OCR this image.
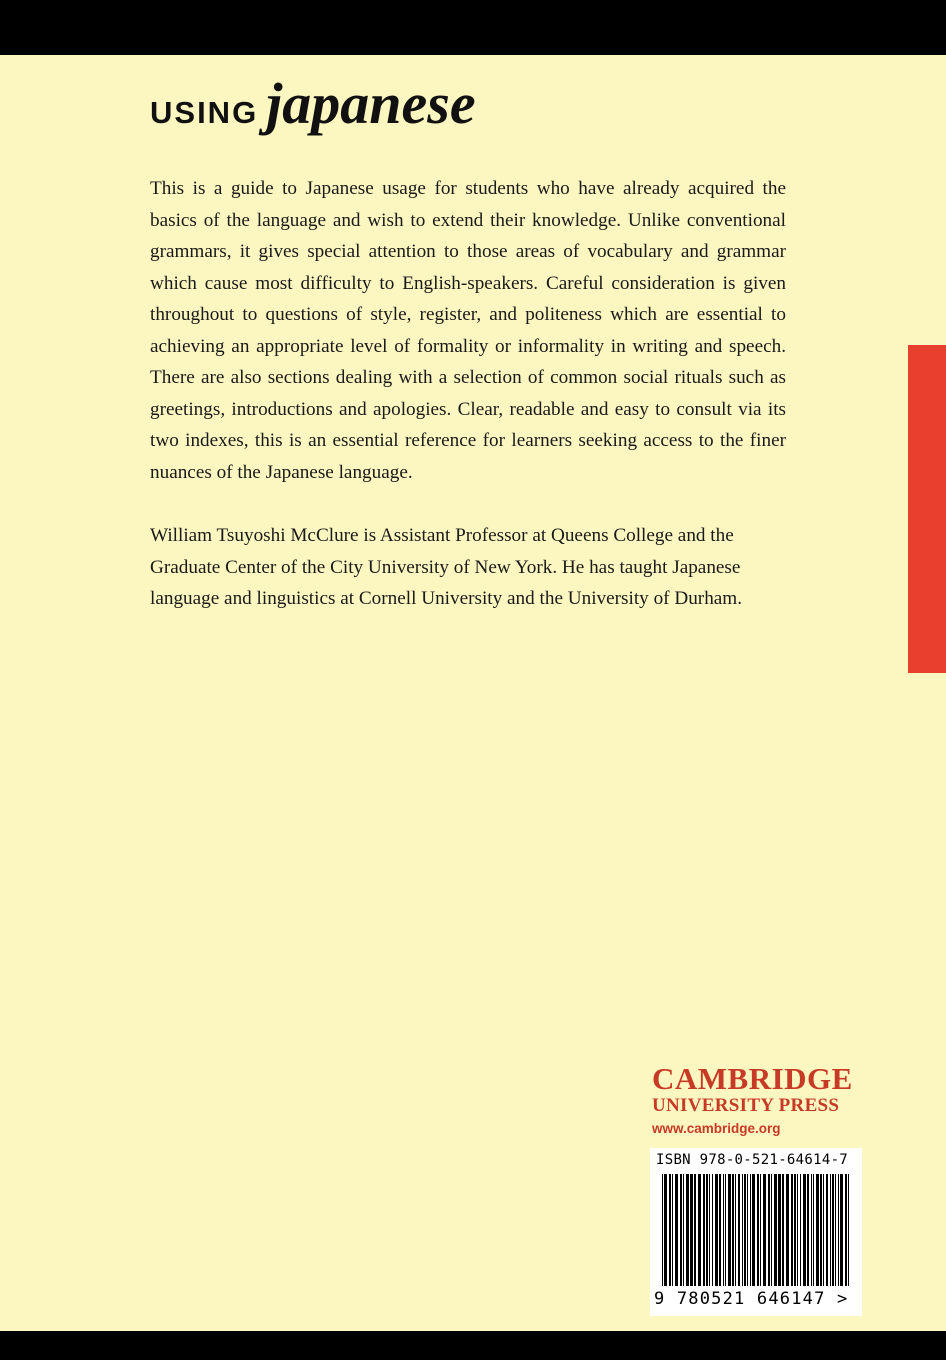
USING japanese

This is a guide to Japanese usage for students who have already acquired the basics of the language and wish to extend their knowledge. Unlike conventional grammars, it gives special attention to those areas of vocabulary and grammar which cause most difficulty to English-speakers. Careful consideration is given throughout to questions of style, register, and politeness which are essential to achieving an appropriate level of formality or informality in writing and speech. There are also sections dealing with a selection of common social rituals such as greetings, introductions and apologies. Clear, readable and easy to consult via its two indexes, this is an essential reference for learners seeking access to the finer nuances of the Japanese language.

William Tsuyoshi McClure is Assistant Professor at Queens College and the Graduate Center of the City University of New York. He has taught Japanese language and linguistics at Cornell University and the University of Durham.

CAMBRIDGE
UNIVERSITY PRESS
www.cambridge.org
ISBN 978-0-521-64614-7
9 780521 646147 >
